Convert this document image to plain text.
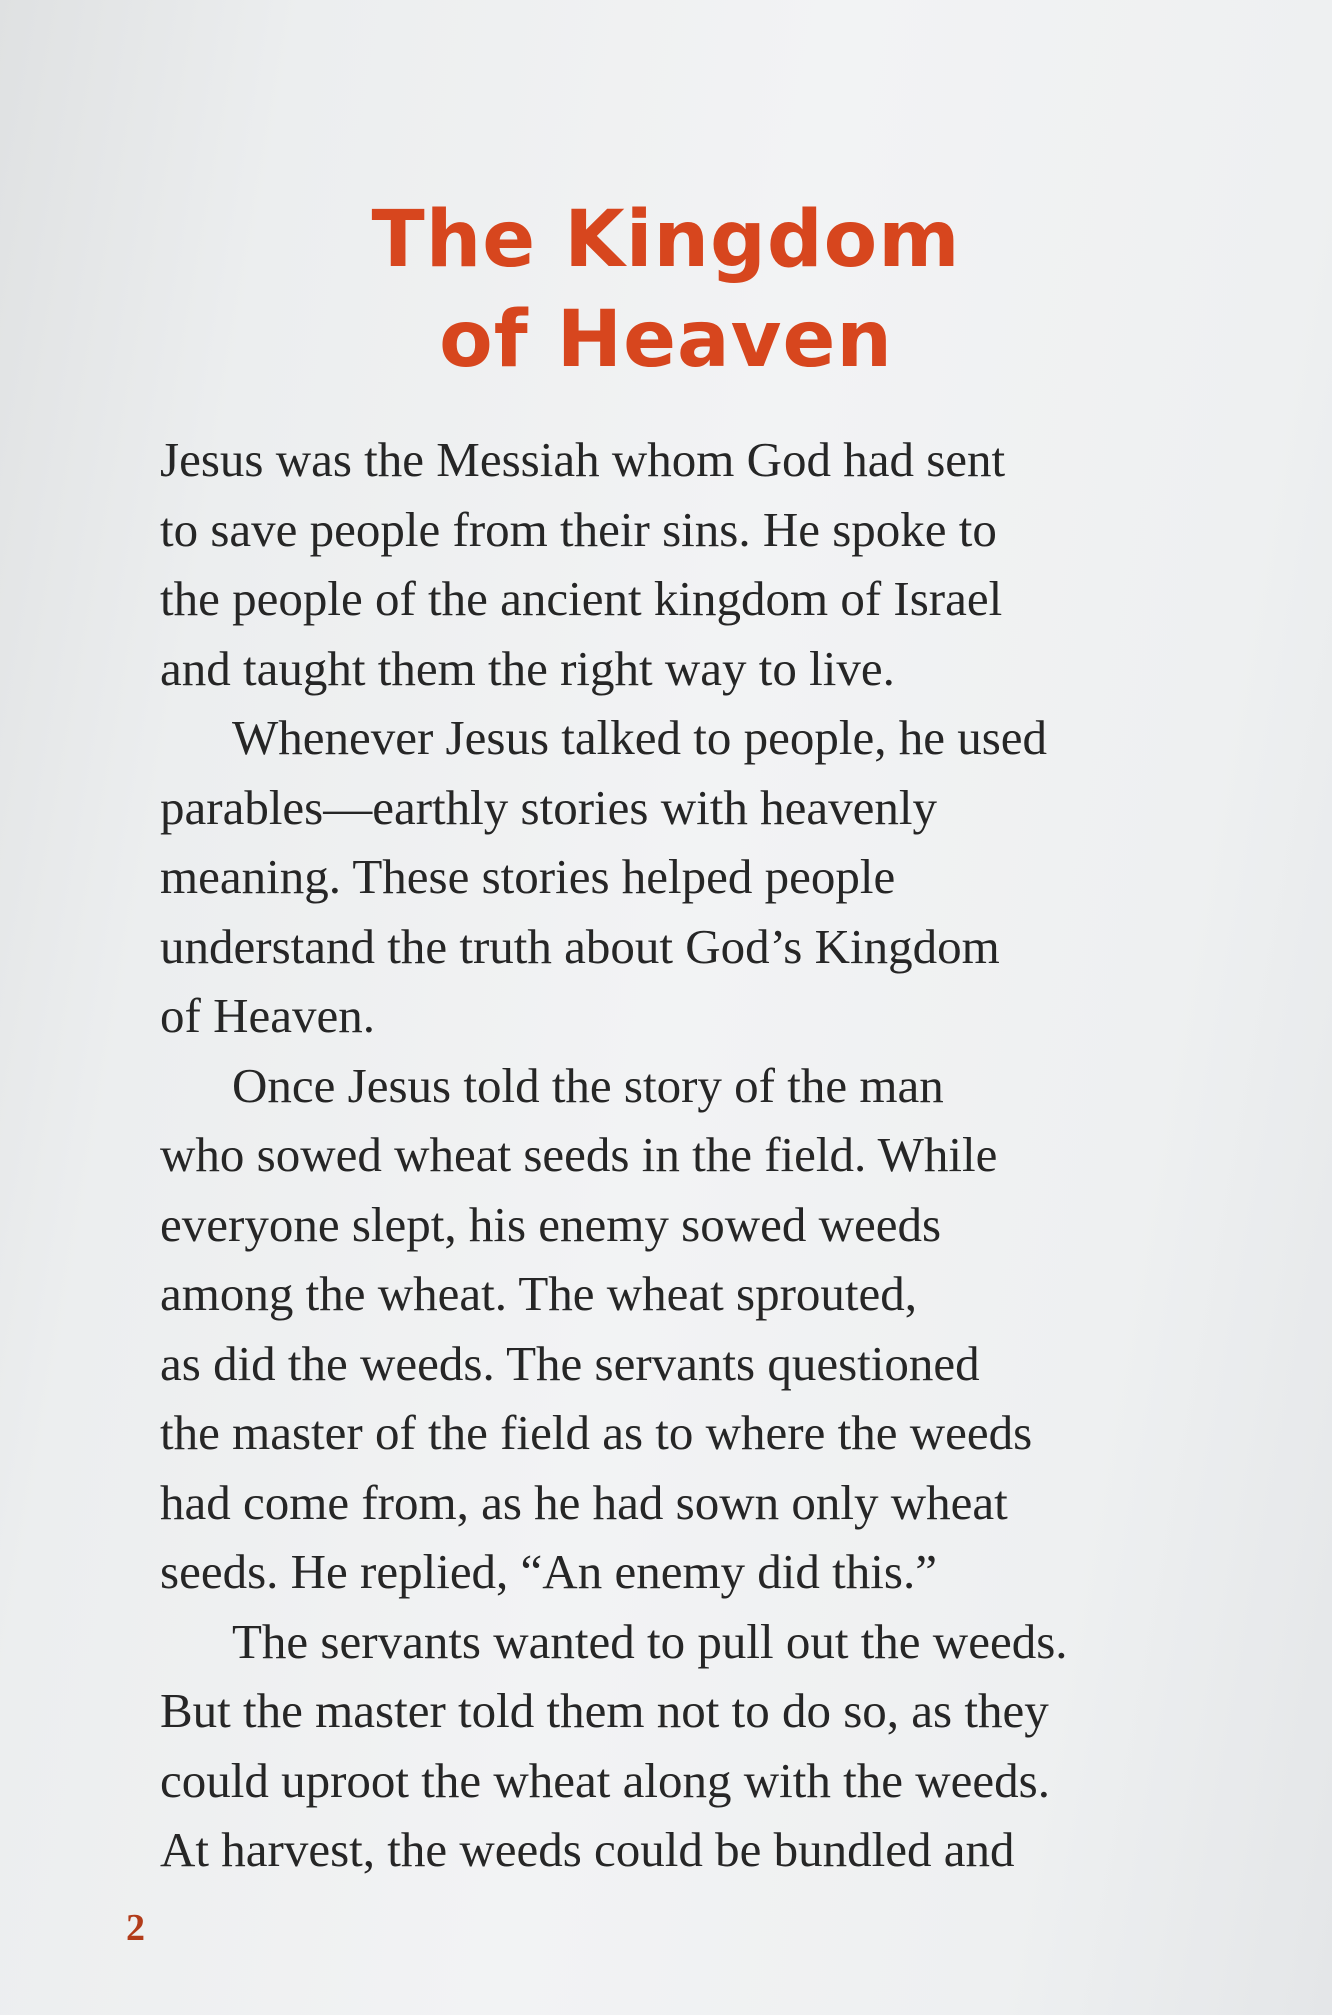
The Kingdom
of Heaven
Jesus was the Messiah whom God had sent
to save people from their sins. He spoke to
the people of the ancient kingdom of Israel
and taught them the right way to live.
Whenever Jesus talked to people, he used
parables—earthly stories with heavenly
meaning. These stories helped people
understand the truth about God’s Kingdom
of Heaven.
Once Jesus told the story of the man
who sowed wheat seeds in the field. While
everyone slept, his enemy sowed weeds
among the wheat. The wheat sprouted,
as did the weeds. The servants questioned
the master of the field as to where the weeds
had come from, as he had sown only wheat
seeds. He replied, “An enemy did this.”
The servants wanted to pull out the weeds.
But the master told them not to do so, as they
could uproot the wheat along with the weeds.
At harvest, the weeds could be bundled and
2
